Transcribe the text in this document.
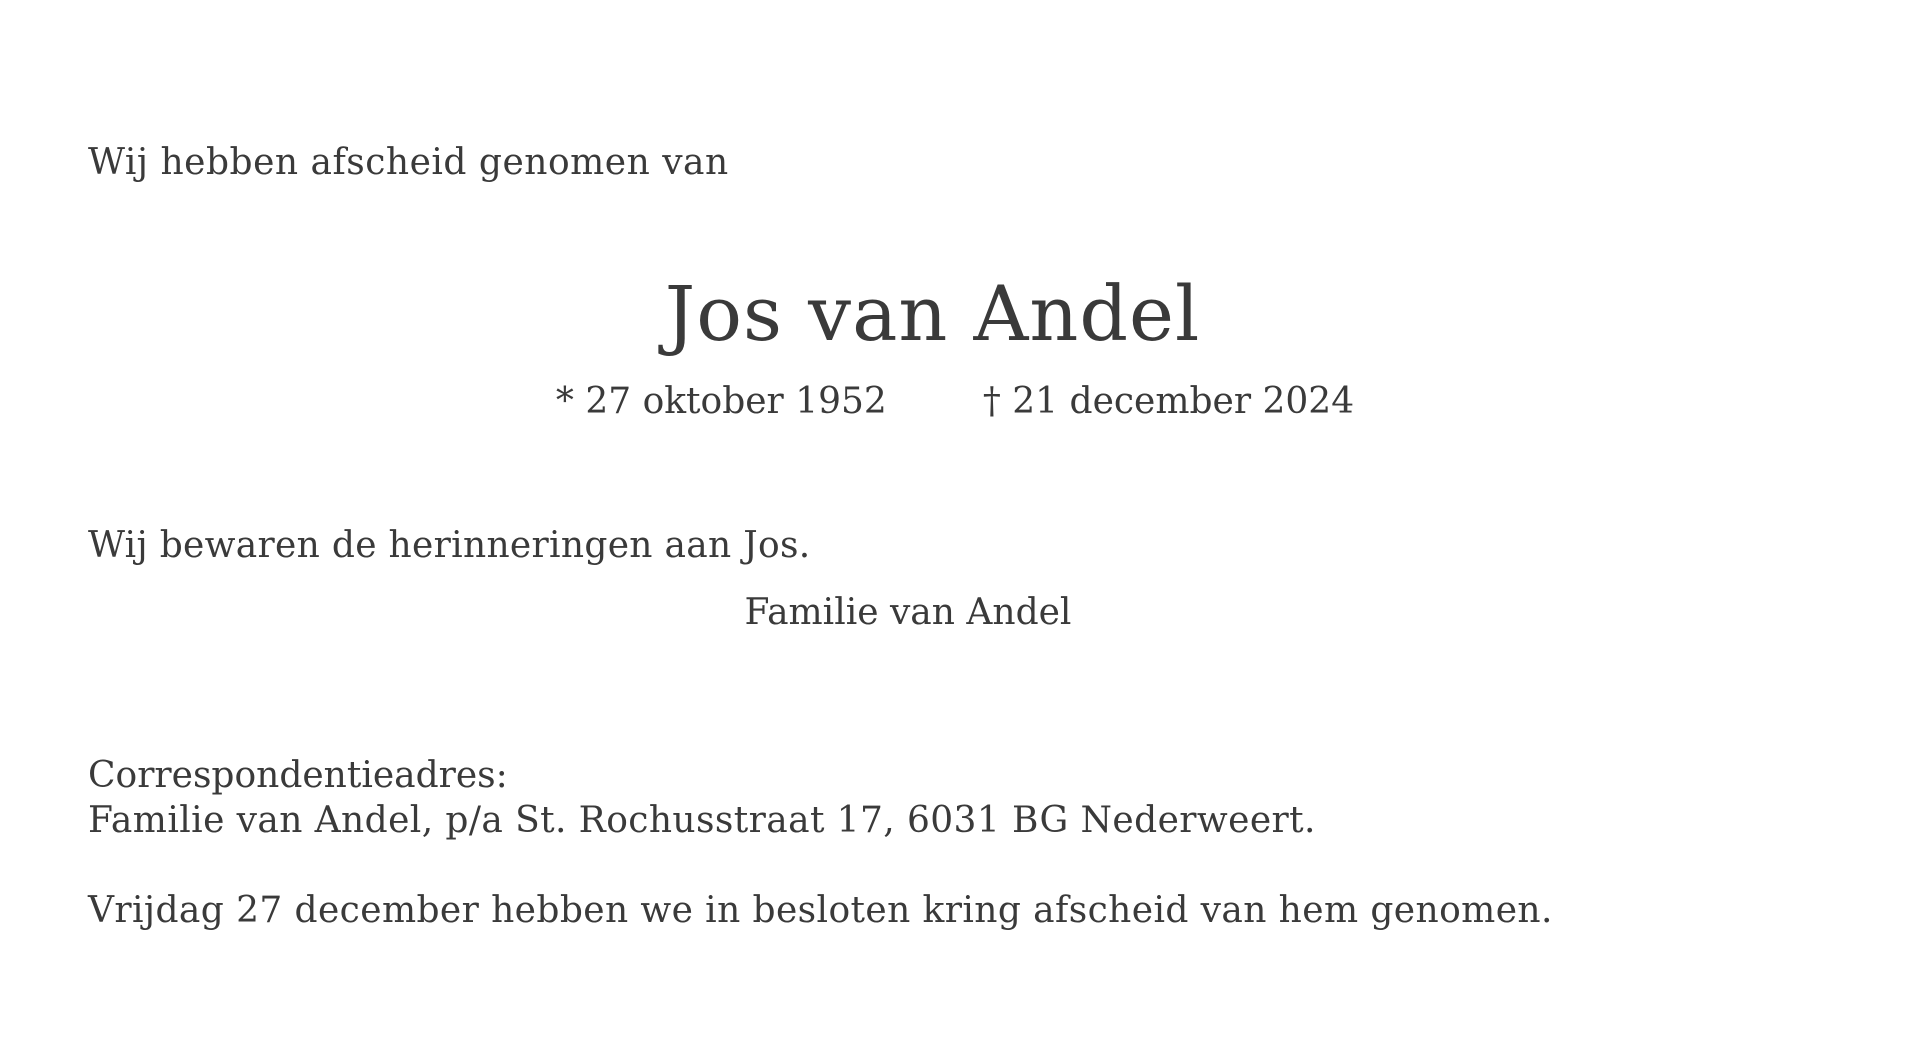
Wij hebben afscheid genomen van
Jos van Andel
* 27 oktober 1952	† 21 december 2024
Wij bewaren de herinneringen aan Jos.
Familie van Andel
Correspondentieadres:
Familie van Andel, p/a St. Rochusstraat 17, 6031 BG Nederweert.
Vrijdag 27 december hebben we in besloten kring afscheid van hem genomen.
